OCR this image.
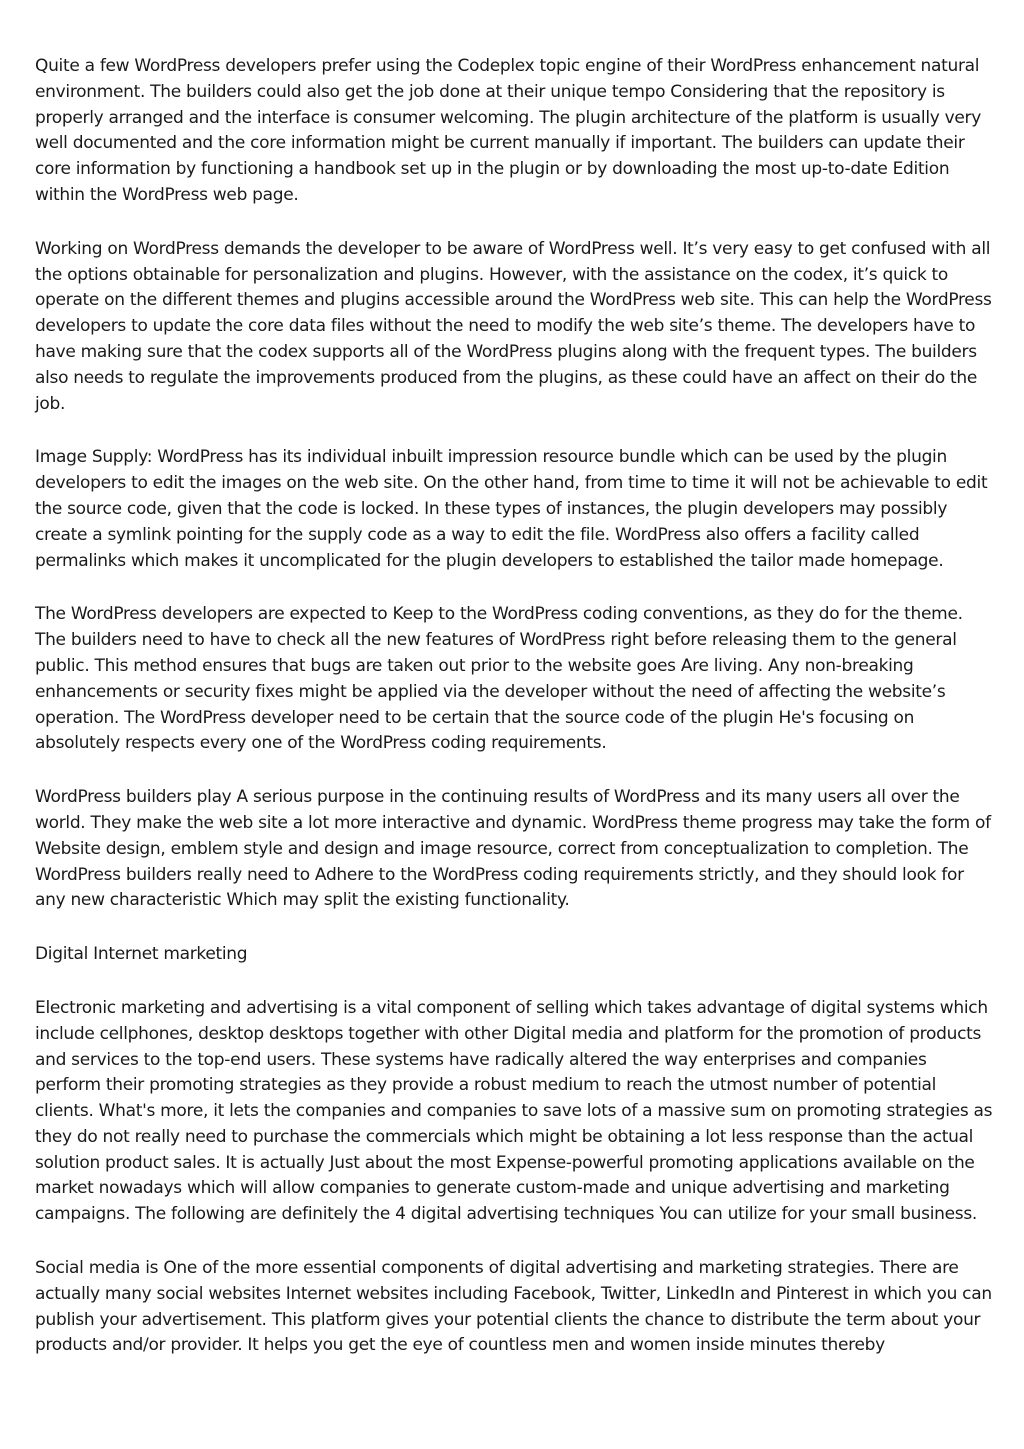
Quite a few WordPress developers prefer using the Codeplex topic engine of their WordPress enhancement natural environment. The builders could also get the job done at their unique tempo Considering that the repository is properly arranged and the interface is consumer welcoming. The plugin architecture of the platform is usually very well documented and the core information might be current manually if important. The builders can update their core information by functioning a handbook set up in the plugin or by downloading the most up-to-date Edition within the WordPress web page.

Working on WordPress demands the developer to be aware of WordPress well. It’s very easy to get confused with all the options obtainable for personalization and plugins. However, with the assistance on the codex, it’s quick to operate on the different themes and plugins accessible around the WordPress web site. This can help the WordPress developers to update the core data files without the need to modify the web site’s theme. The developers have to have making sure that the codex supports all of the WordPress plugins along with the frequent types. The builders also needs to regulate the improvements produced from the plugins, as these could have an affect on their do the job.

Image Supply: WordPress has its individual inbuilt impression resource bundle which can be used by the plugin developers to edit the images on the web site. On the other hand, from time to time it will not be achievable to edit the source code, given that the code is locked. In these types of instances, the plugin developers may possibly create a symlink pointing for the supply code as a way to edit the file. WordPress also offers a facility called permalinks which makes it uncomplicated for the plugin developers to established the tailor made homepage.

The WordPress developers are expected to Keep to the WordPress coding conventions, as they do for the theme. The builders need to have to check all the new features of WordPress right before releasing them to the general public. This method ensures that bugs are taken out prior to the website goes Are living. Any non-breaking enhancements or security fixes might be applied via the developer without the need of affecting the website’s operation. The WordPress developer need to be certain that the source code of the plugin He's focusing on absolutely respects every one of the WordPress coding requirements.

WordPress builders play A serious purpose in the continuing results of WordPress and its many users all over the world. They make the web site a lot more interactive and dynamic. WordPress theme progress may take the form of Website design, emblem style and design and image resource, correct from conceptualization to completion. The WordPress builders really need to Adhere to the WordPress coding requirements strictly, and they should look for any new characteristic Which may split the existing functionality.

Digital Internet marketing

Electronic marketing and advertising is a vital component of selling which takes advantage of digital systems which include cellphones, desktop desktops together with other Digital media and platform for the promotion of products and services to the top-end users. These systems have radically altered the way enterprises and companies perform their promoting strategies as they provide a robust medium to reach the utmost number of potential clients. What's more, it lets the companies and companies to save lots of a massive sum on promoting strategies as they do not really need to purchase the commercials which might be obtaining a lot less response than the actual solution product sales. It is actually Just about the most Expense-powerful promoting applications available on the market nowadays which will allow companies to generate custom-made and unique advertising and marketing campaigns. The following are definitely the 4 digital advertising techniques You can utilize for your small business.

Social media is One of the more essential components of digital advertising and marketing strategies. There are actually many social websites Internet websites including Facebook, Twitter, LinkedIn and Pinterest in which you can publish your advertisement. This platform gives your potential clients the chance to distribute the term about your products and/or provider. It helps you get the eye of countless men and women inside minutes thereby
